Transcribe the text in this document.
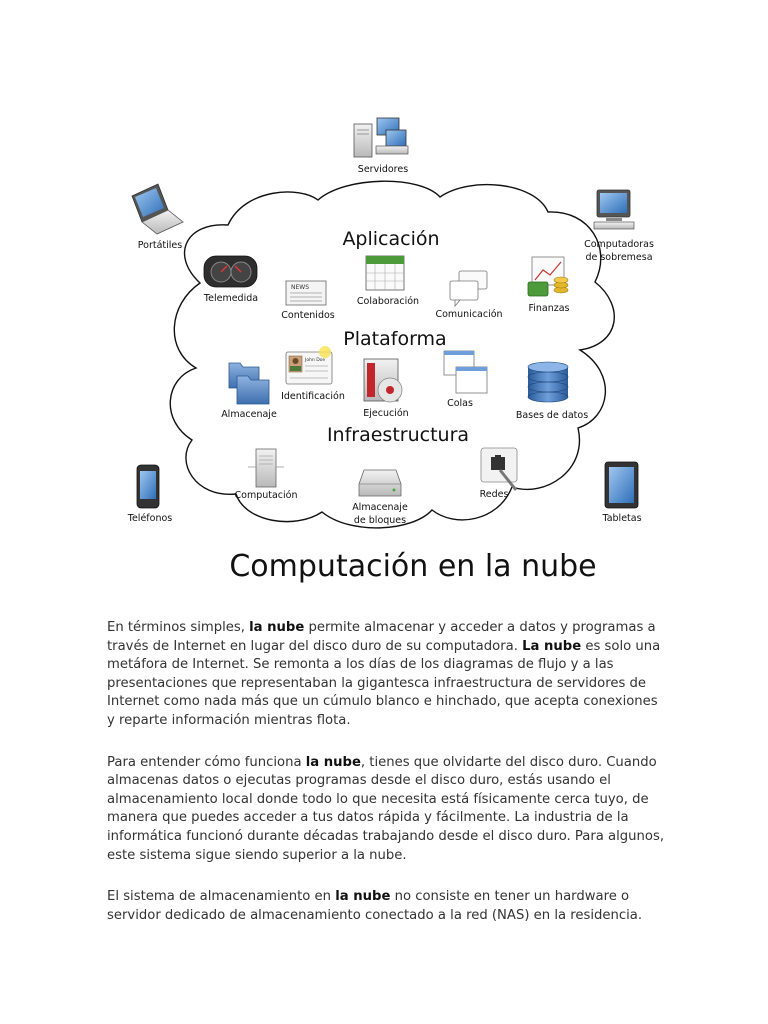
Aplicación
Plataforma
Infraestructura
Servidores
Portátiles	Computadoras
de sobremesa
Teléfonos	Tabletas
Telemedida
NEWS
Contenidos
Colaboración
Comunicación
Finanzas
Almacenaje
John Doe
Identificación
Ejecución
Colas
Bases de datos
Computación
Almacenaje
de bloques
Redes
Computación en la nube

En términos simples, la nube permite almacenar y acceder a datos y programas a través de Internet en lugar del disco duro de su computadora. La nube es solo una metáfora de Internet. Se remonta a los días de los diagramas de flujo y a las presentaciones que representaban la gigantesca infraestructura de servidores de Internet como nada más que un cúmulo blanco e hinchado, que acepta conexiones y reparte información mientras flota.

Para entender cómo funciona la nube, tienes que olvidarte del disco duro. Cuando almacenas datos o ejecutas programas desde el disco duro, estás usando el almacenamiento local donde todo lo que necesita está físicamente cerca tuyo, de manera que puedes acceder a tus datos rápida y fácilmente. La industria de la informática funcionó durante décadas trabajando desde el disco duro. Para algunos, este sistema sigue siendo superior a la nube.

El sistema de almacenamiento en la nube no consiste en tener un hardware o servidor dedicado de almacenamiento conectado a la red (NAS) en la residencia.
